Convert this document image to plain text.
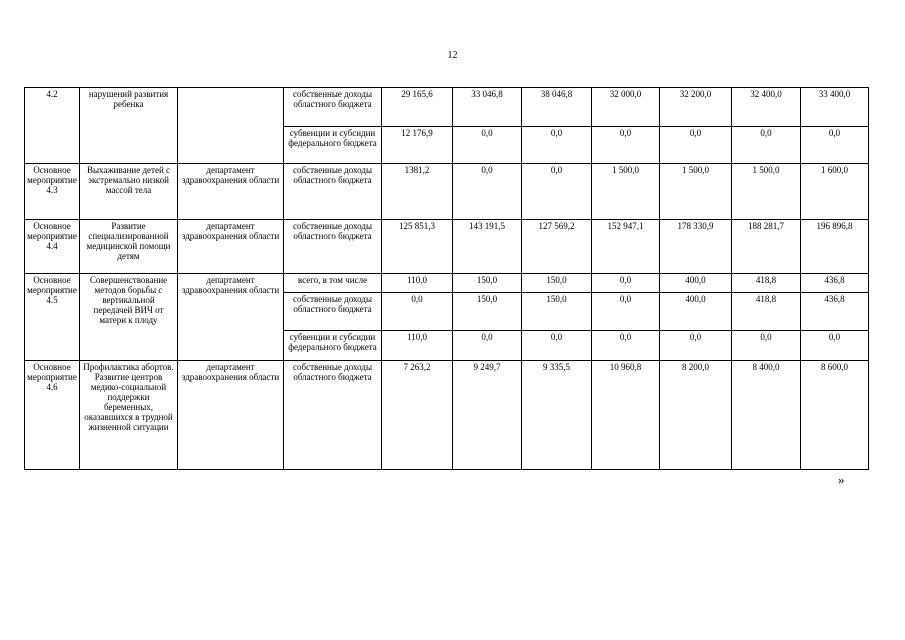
12
4.2	нарушений развития ребенка		собственные доходы областного бюджета	29 165,6	33 046,8	38 046,8	32 000,0	32 200,0	32 400,0	33 400,0
			субвенции и субсидии федерального бюджета	12 176,9	0,0	0,0	0,0	0,0	0,0	0,0
Основное мероприятие 4.3	Выхаживание детей с экстремально низкой массой тела	департамент здравоохранения области	собственные доходы областного бюджета	1381,2	0,0	0,0	1 500,0	1 500,0	1 500,0	1 600,0
Основное мероприятие 4.4	Развитие специализированной медицинской помощи детям	департамент здравоохранения области	собственные доходы областного бюджета	125 851,3	143 191,5	127 569,2	152 947,1	178 330,9	188 281,7	196 896,8
Основное мероприятие 4.5	Совершенствование методов борьбы с вертикальной передачей ВИЧ от матери к плоду	департамент здравоохранения области	всего, в том числе	110,0	150,0	150,0	0,0	400,0	418,8	436,8
			собственные доходы областного бюджета	0,0	150,0	150,0	0,0	400,0	418,8	436,8
			субвенции и субсидии федерального бюджета	110,0	0,0	0,0	0,0	0,0	0,0	0,0
Основное мероприятие 4.6	Профилактика абортов. Развитие центров медико-социальной поддержки беременных, оказавшихся в трудной жизненной ситуации	департамент здравоохранения области	собственные доходы областного бюджета	7 263,2	9 249,7	9 335,5	10 960,8	8 200,0	8 400,0	8 600,0
»
